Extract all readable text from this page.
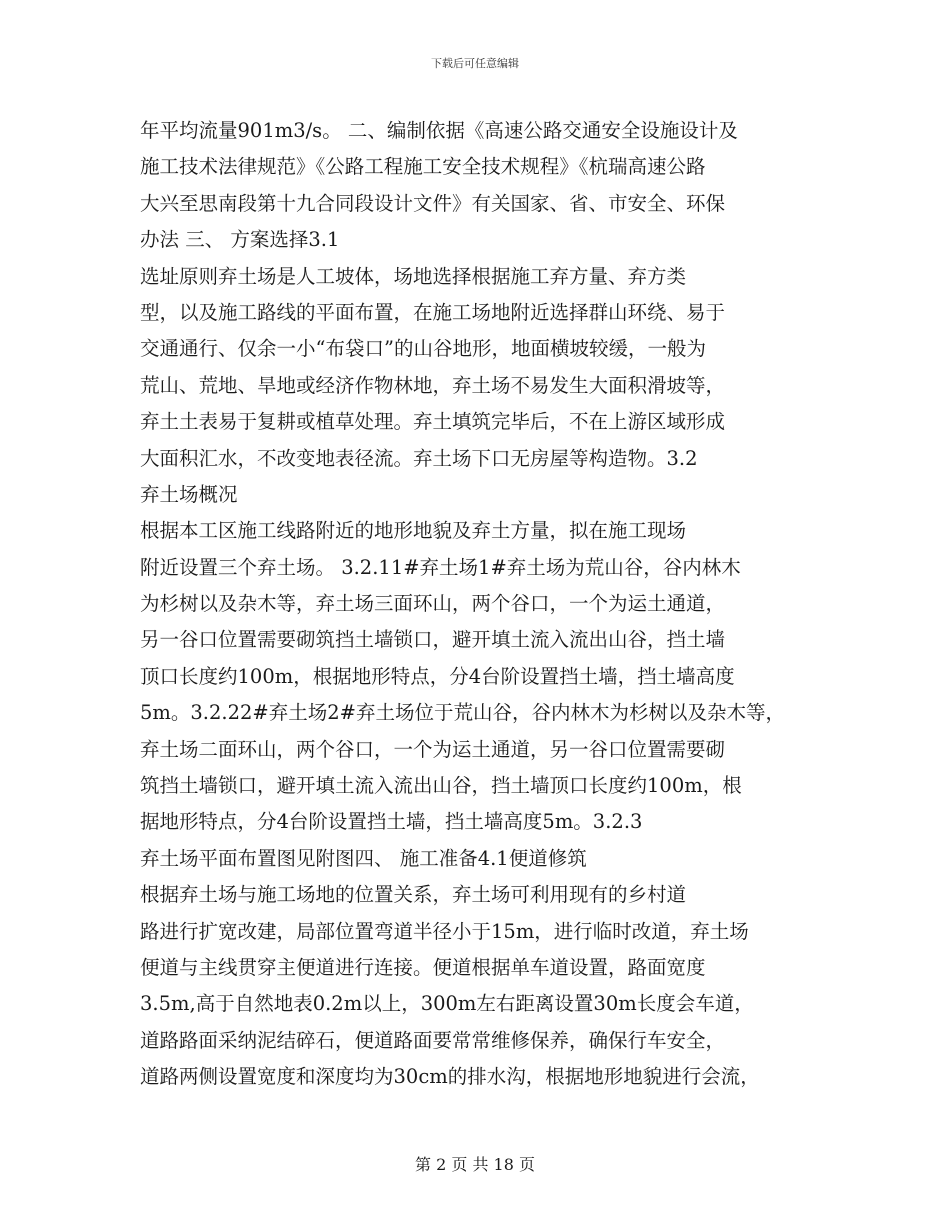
下载后可任意编辑
年平均流量901m3/s。 二、编制依据《高速公路交通安全设施设计及
施工技术法律规范》《公路工程施工安全技术规程》《杭瑞高速公路
大兴至思南段第十九合同段设计文件》有关国家、省、市安全、环保
办法 三、 方案选择3.1
选址原则弃土场是人工坡体，场地选择根据施工弃方量、弃方类
型，以及施工路线的平面布置，在施工场地附近选择群山环绕、易于
交通通行、仅余一小“布袋口”的山谷地形，地面横坡较缓，一般为
荒山、荒地、旱地或经济作物林地，弃土场不易发生大面积滑坡等，
弃土土表易于复耕或植草处理。弃土填筑完毕后，不在上游区域形成
大面积汇水，不改变地表径流。弃土场下口无房屋等构造物。3.2
弃土场概况
根据本工区施工线路附近的地形地貌及弃土方量，拟在施工现场
附近设置三个弃土场。 3.2.11#弃土场1#弃土场为荒山谷，谷内林木
为杉树以及杂木等，弃土场三面环山，两个谷口，一个为运土通道，
另一谷口位置需要砌筑挡土墙锁口，避开填土流入流出山谷，挡土墙
顶口长度约100m，根据地形特点，分4台阶设置挡土墙，挡土墙高度
5m。3.2.22#弃土场2#弃土场位于荒山谷，谷内林木为杉树以及杂木等，
弃土场二面环山，两个谷口，一个为运土通道，另一谷口位置需要砌
筑挡土墙锁口，避开填土流入流出山谷，挡土墙顶口长度约100m，根
据地形特点，分4台阶设置挡土墙，挡土墙高度5m。3.2.3
弃土场平面布置图见附图四、 施工准备4.1便道修筑
根据弃土场与施工场地的位置关系，弃土场可利用现有的乡村道
路进行扩宽改建，局部位置弯道半径小于15m，进行临时改道，弃土场
便道与主线贯穿主便道进行连接。便道根据单车道设置，路面宽度
3.5m,高于自然地表0.2m以上，300m左右距离设置30m长度会车道，
道路路面采纳泥结碎石，便道路面要常常维修保养，确保行车安全，
道路两侧设置宽度和深度均为30cm的排水沟，根据地形地貌进行会流，
第 2 页 共 18 页
